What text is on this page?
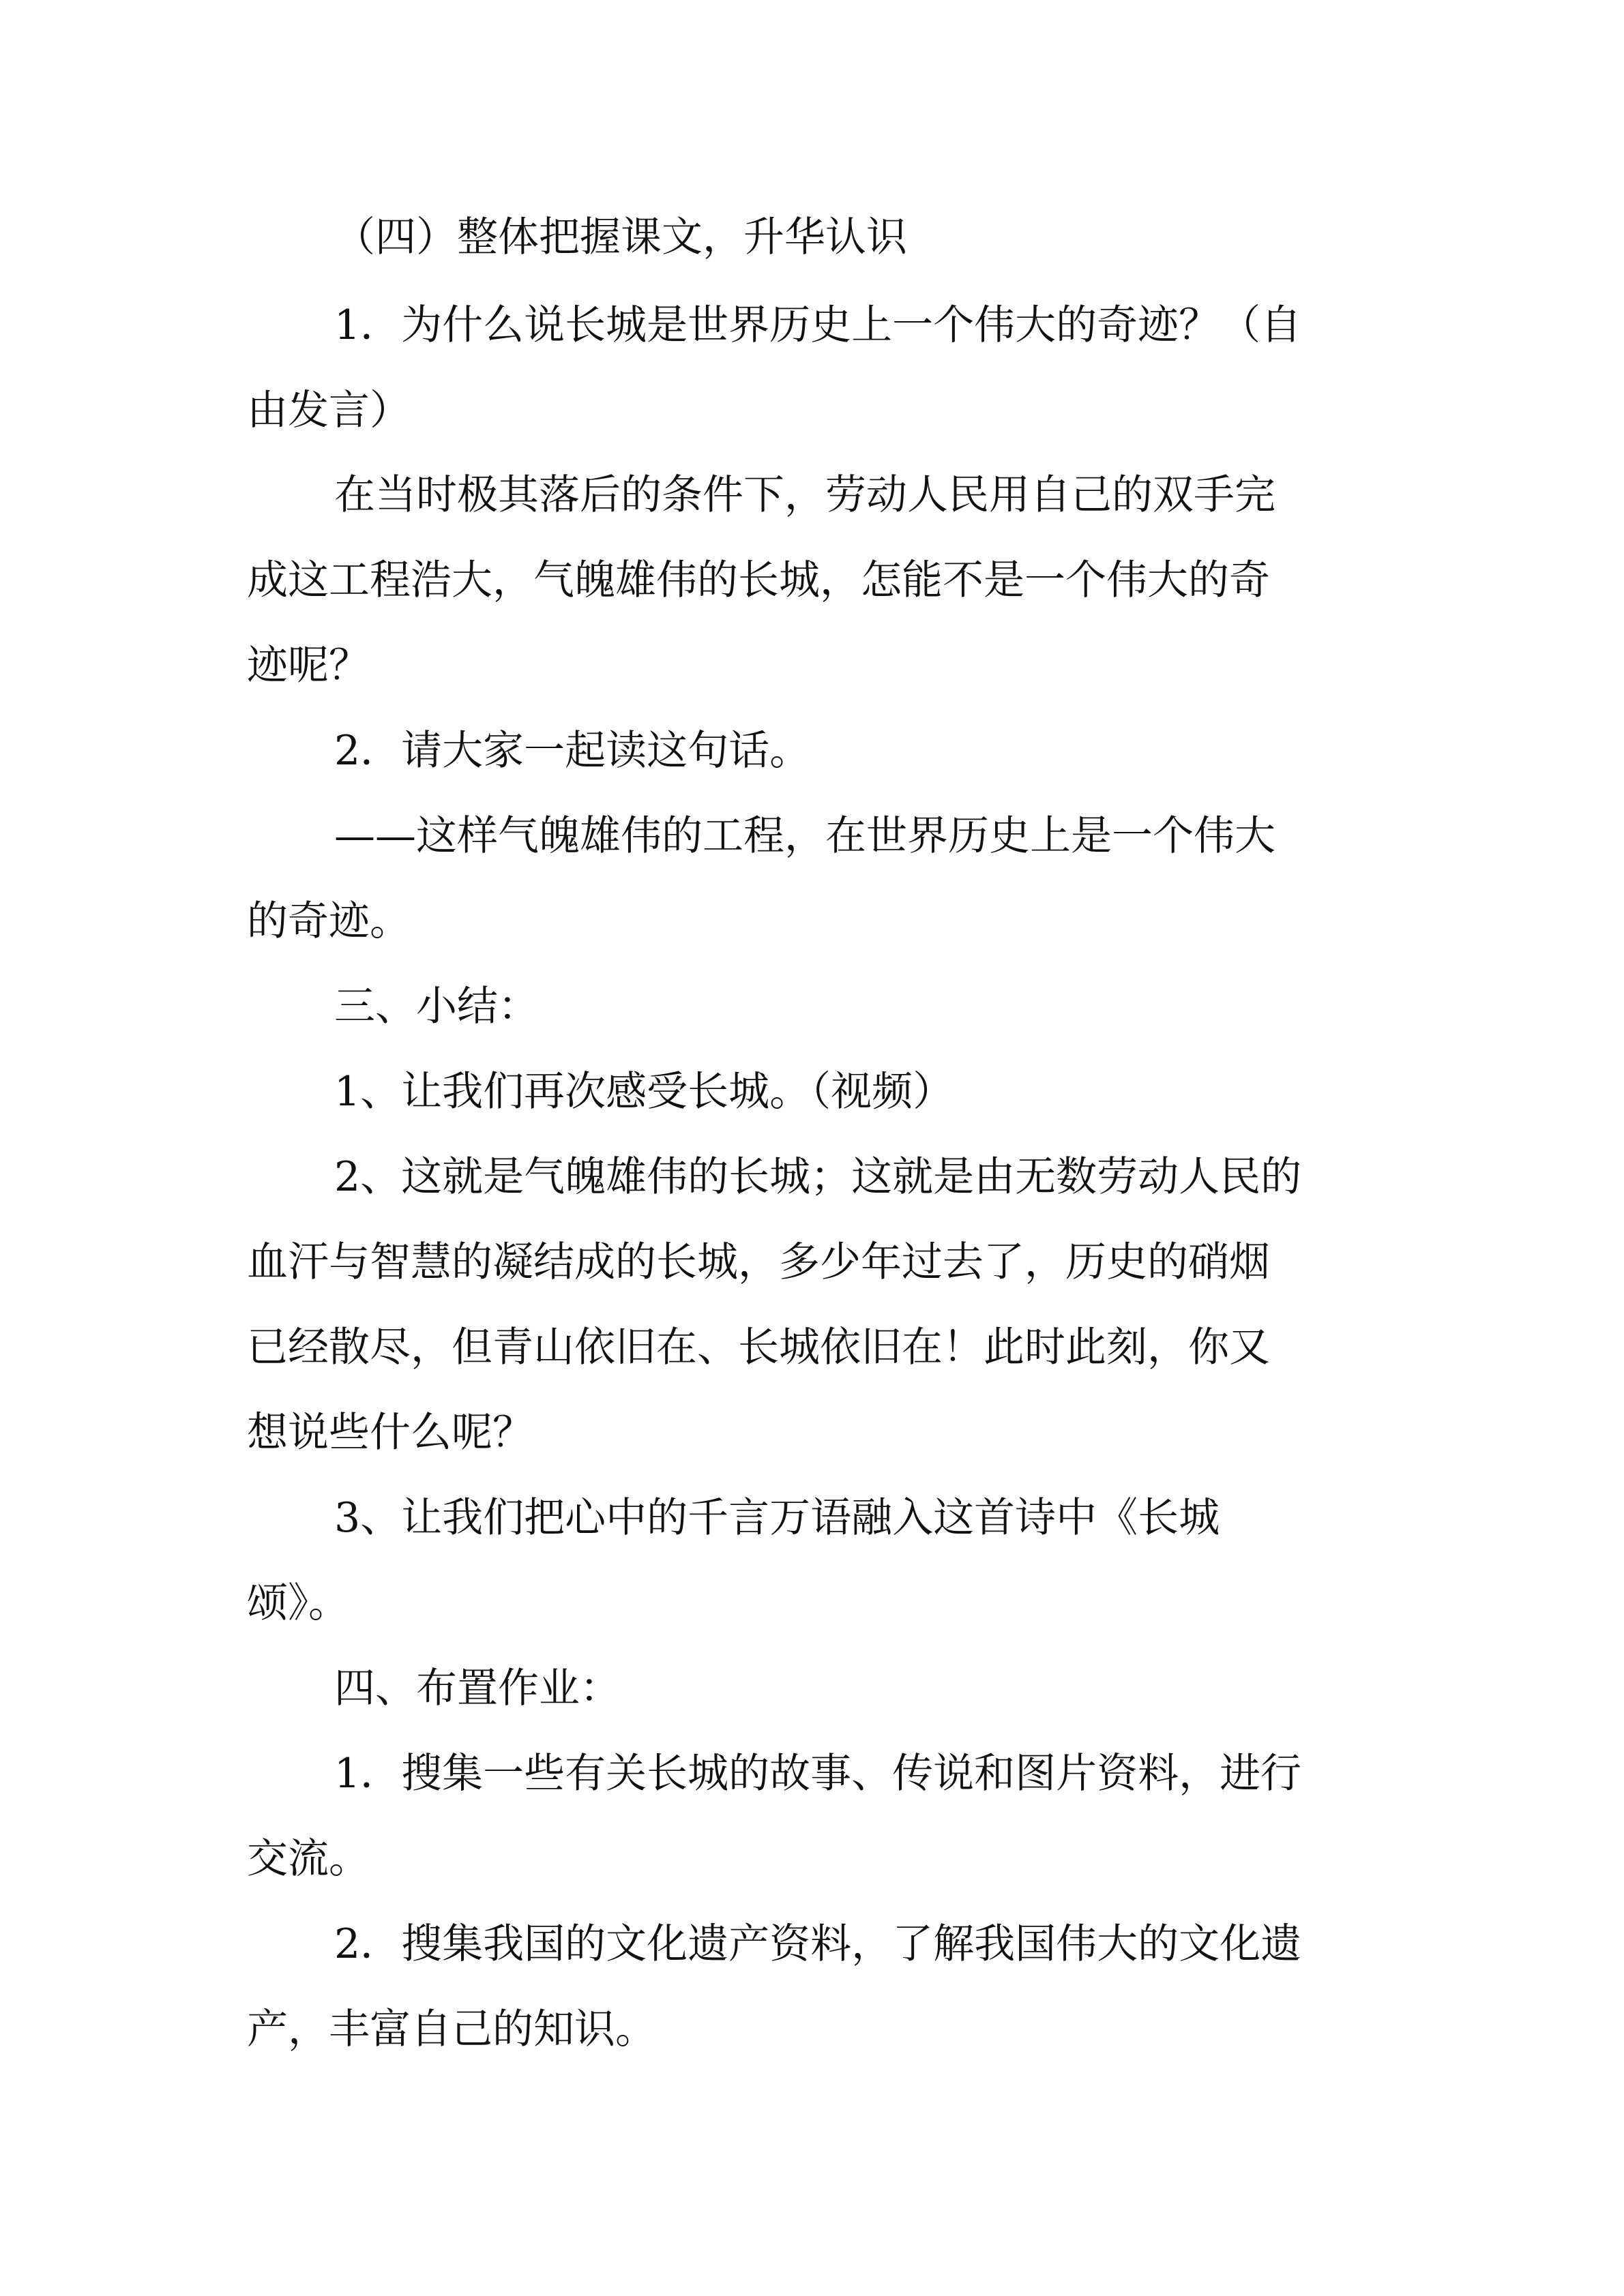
（四）整体把握课文，升华认识
1．为什么说长城是世界历史上一个伟大的奇迹？（自
由发言）
在当时极其落后的条件下，劳动人民用自己的双手完
成这工程浩大，气魄雄伟的长城，怎能不是一个伟大的奇
迹呢？
2．请大家一起读这句话。
——这样气魄雄伟的工程，在世界历史上是一个伟大
的奇迹。
三、小结：
1、让我们再次感受长城。（视频）
2、这就是气魄雄伟的长城；这就是由无数劳动人民的
血汗与智慧的凝结成的长城，多少年过去了，历史的硝烟
已经散尽，但青山依旧在、长城依旧在！此时此刻，你又
想说些什么呢？
3、让我们把心中的千言万语融入这首诗中《长城
颂》。
四、布置作业：
1．搜集一些有关长城的故事、传说和图片资料，进行
交流。
2．搜集我国的文化遗产资料，了解我国伟大的文化遗
产，丰富自己的知识。
